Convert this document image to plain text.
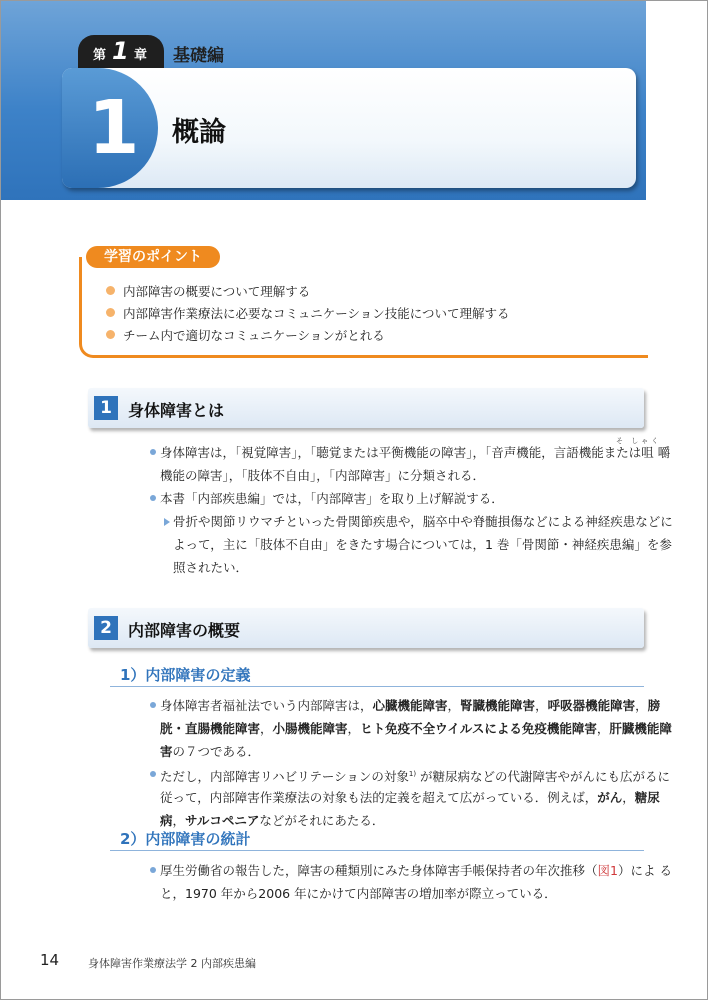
第 1 章 基礎編
1 概論
学習のポイント
内部障害の概要について理解する
内部障害作業療法に必要なコミュニケーション技能について理解する
チーム内で適切なコミュニケーションがとれる
1	身体障害とは
そ しゃく
身体障害は，「視覚障害」，「聴覚または平衡機能の障害」，「音声機能，言語機能または咀 嚼
機能の障害」，「肢体不自由」，「内部障害」に分類される．
本書「内部疾患編」では，「内部障害」を取り上げ解説する．
骨折や関節リウマチといった骨関節疾患や，脳卒中や脊髄損傷などによる神経疾患などに
よって，主に「肢体不自由」をきたす場合については，1 巻「骨関節・神経疾患編」を参
照されたい．
2	内部障害の概要
1）内部障害の定義
身体障害者福祉法でいう内部障害は，心臓機能障害，腎臓機能障害，呼吸器機能障害，膀
胱・直腸機能障害，小腸機能障害，ヒト免疫不全ウイルスによる免疫機能障害，肝臓機能障
害の７つである．
ただし，内部障害リハビリテーションの対象$^{1)}$ が糖尿病などの代謝障害やがんにも広がるに
従って，内部障害作業療法の対象も法的定義を超えて広がっている．例えば，がん，糖尿
病，サルコペニアなどがそれにあたる．
2）内部障害の統計
厚生労働省の報告した，障害の種類別にみた身体障害手帳保持者の年次推移（図1）によ る
と，1970 年から2006 年にかけて内部障害の増加率が際立っている．
14	身体障害作業療法学 2 内部疾患編
